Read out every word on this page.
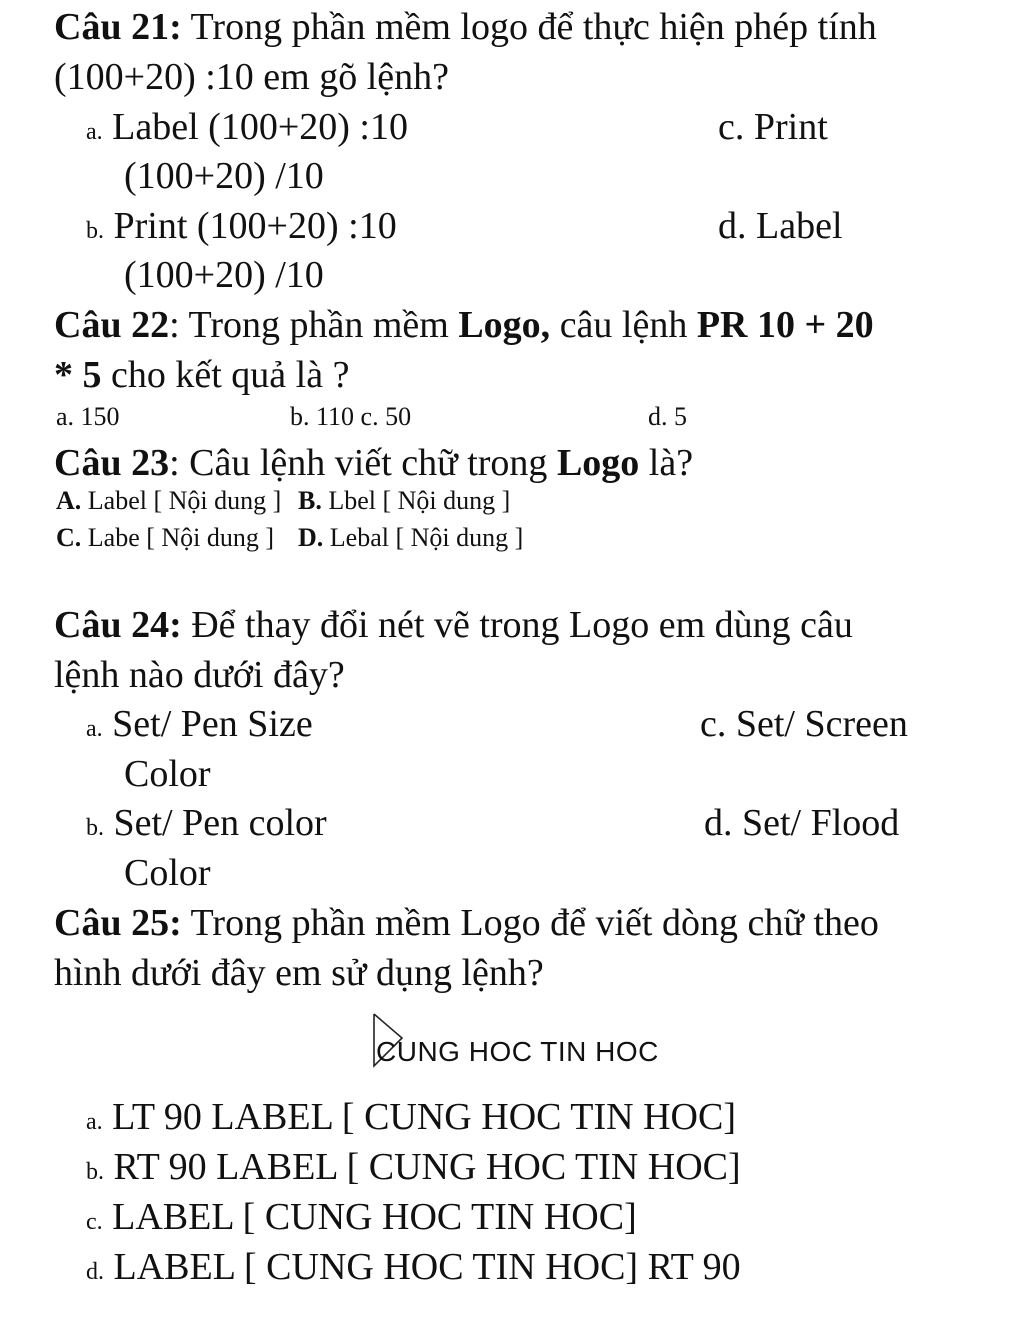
Câu 21: Trong phần mềm logo để thực hiện phép tính
(100+20) :10 em gõ lệnh?
a. Label (100+20) :10	c. Print
(100+20) /10
b. Print (100+20) :10	d. Label
(100+20) /10
Câu 22: Trong phần mềm Logo, câu lệnh PR 10 + 20
* 5 cho kết quả là ?
a. 150	b. 110 c. 50	d. 5
Câu 23: Câu lệnh viết chữ trong Logo là?
A. Label [ Nội dung ] B. Lbel [ Nội dung ]
C. Labe [ Nội dung ] D. Lebal [ Nội dung ]
Câu 24: Để thay đổi nét vẽ trong Logo em dùng câu
lệnh nào dưới đây?
a. Set/ Pen Size	c. Set/ Screen
Color
b. Set/ Pen color	d. Set/ Flood
Color
Câu 25: Trong phần mềm Logo để viết dòng chữ theo
hình dưới đây em sử dụng lệnh?
CUNG HOC TIN HOC
a. LT 90 LABEL [ CUNG HOC TIN HOC]
b. RT 90 LABEL [ CUNG HOC TIN HOC]
c. LABEL [ CUNG HOC TIN HOC]
d. LABEL [ CUNG HOC TIN HOC] RT 90
